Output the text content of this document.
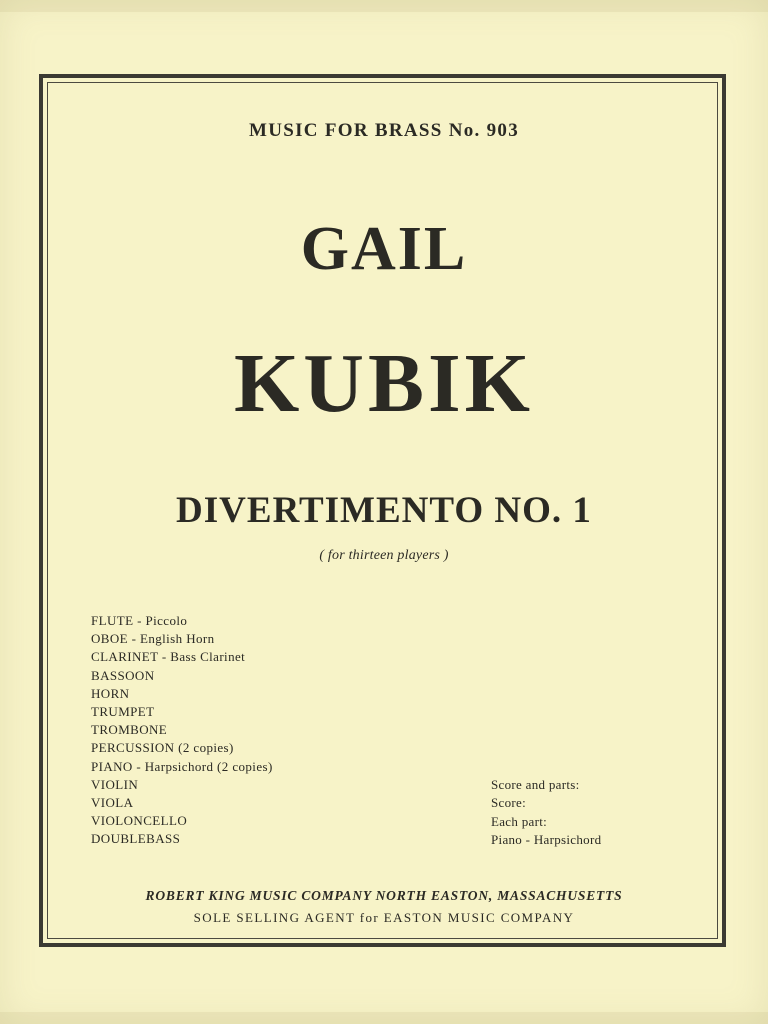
MUSIC FOR BRASS No. 903
GAIL
KUBIK
DIVERTIMENTO NO. 1
( for thirteen players )
FLUTE - Piccolo
OBOE - English Horn
CLARINET - Bass Clarinet
BASSOON
HORN
TRUMPET
TROMBONE
PERCUSSION (2 copies)
PIANO - Harpsichord (2 copies)
VIOLIN
VIOLA
VIOLONCELLO
DOUBLEBASS
Score and parts:
Score:
Each part:
Piano - Harpsichord
ROBERT KING MUSIC COMPANY NORTH EASTON, MASSACHUSETTS
SOLE SELLING AGENT for EASTON MUSIC COMPANY
